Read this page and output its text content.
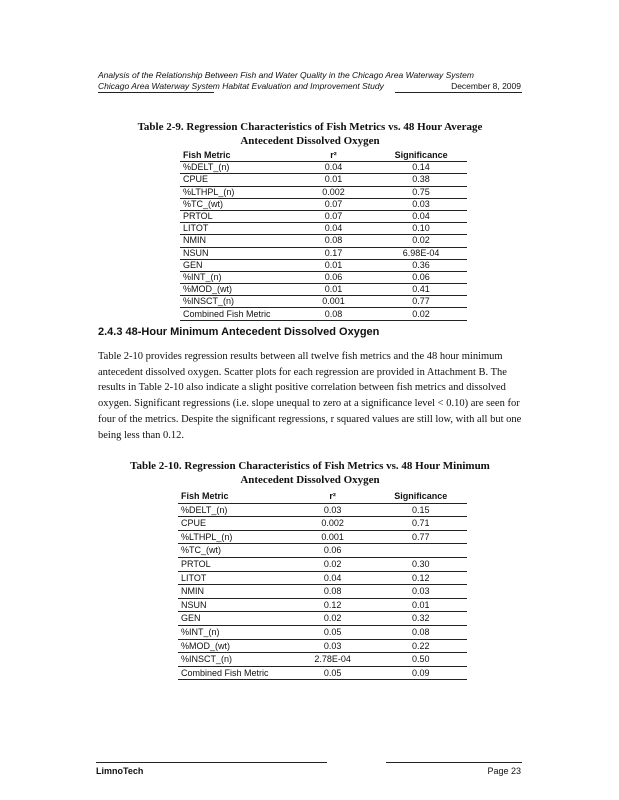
Analysis of the Relationship Between Fish and Water Quality in the Chicago Area Waterway System
Chicago Area Waterway System Habitat Evaluation and Improvement Study	December 8, 2009
Table 2-9. Regression Characteristics of Fish Metrics vs. 48 Hour Average
Antecedent Dissolved Oxygen
Fish Metric	r²	Significance
%DELT_(n)	0.04	0.14
CPUE	0.01	0.38
%LTHPL_(n)	0.002	0.75
%TC_(wt)	0.07	0.03
PRTOL	0.07	0.04
LITOT	0.04	0.10
NMIN	0.08	0.02
NSUN	0.17	6.98E-04
GEN	0.01	0.36
%INT_(n)	0.06	0.06
%MOD_(wt)	0.01	0.41
%INSCT_(n)	0.001	0.77
Combined Fish Metric	0.08	0.02
2.4.3 48-Hour Minimum Antecedent Dissolved Oxygen
Table 2-10 provides regression results between all twelve fish metrics and the 48 hour minimum antecedent dissolved oxygen. Scatter plots for each regression are provided in Attachment B. The results in Table 2-10 also indicate a slight positive correlation between fish metrics and dissolved oxygen. Significant regressions (i.e. slope unequal to zero at a significance level < 0.10) are seen for four of the metrics. Despite the significant regressions, r squared values are still low, with all but one being less than 0.12.
Table 2-10. Regression Characteristics of Fish Metrics vs. 48 Hour Minimum
Antecedent Dissolved Oxygen
Fish Metric	r²	Significance
%DELT_(n)	0.03	0.15
CPUE	0.002	0.71
%LTHPL_(n)	0.001	0.77
%TC_(wt)	0.06	
PRTOL	0.02	0.30
LITOT	0.04	0.12
NMIN	0.08	0.03
NSUN	0.12	0.01
GEN	0.02	0.32
%INT_(n)	0.05	0.08
%MOD_(wt)	0.03	0.22
%INSCT_(n)	2.78E-04	0.50
Combined Fish Metric	0.05	0.09
LimnoTech	Page 23
